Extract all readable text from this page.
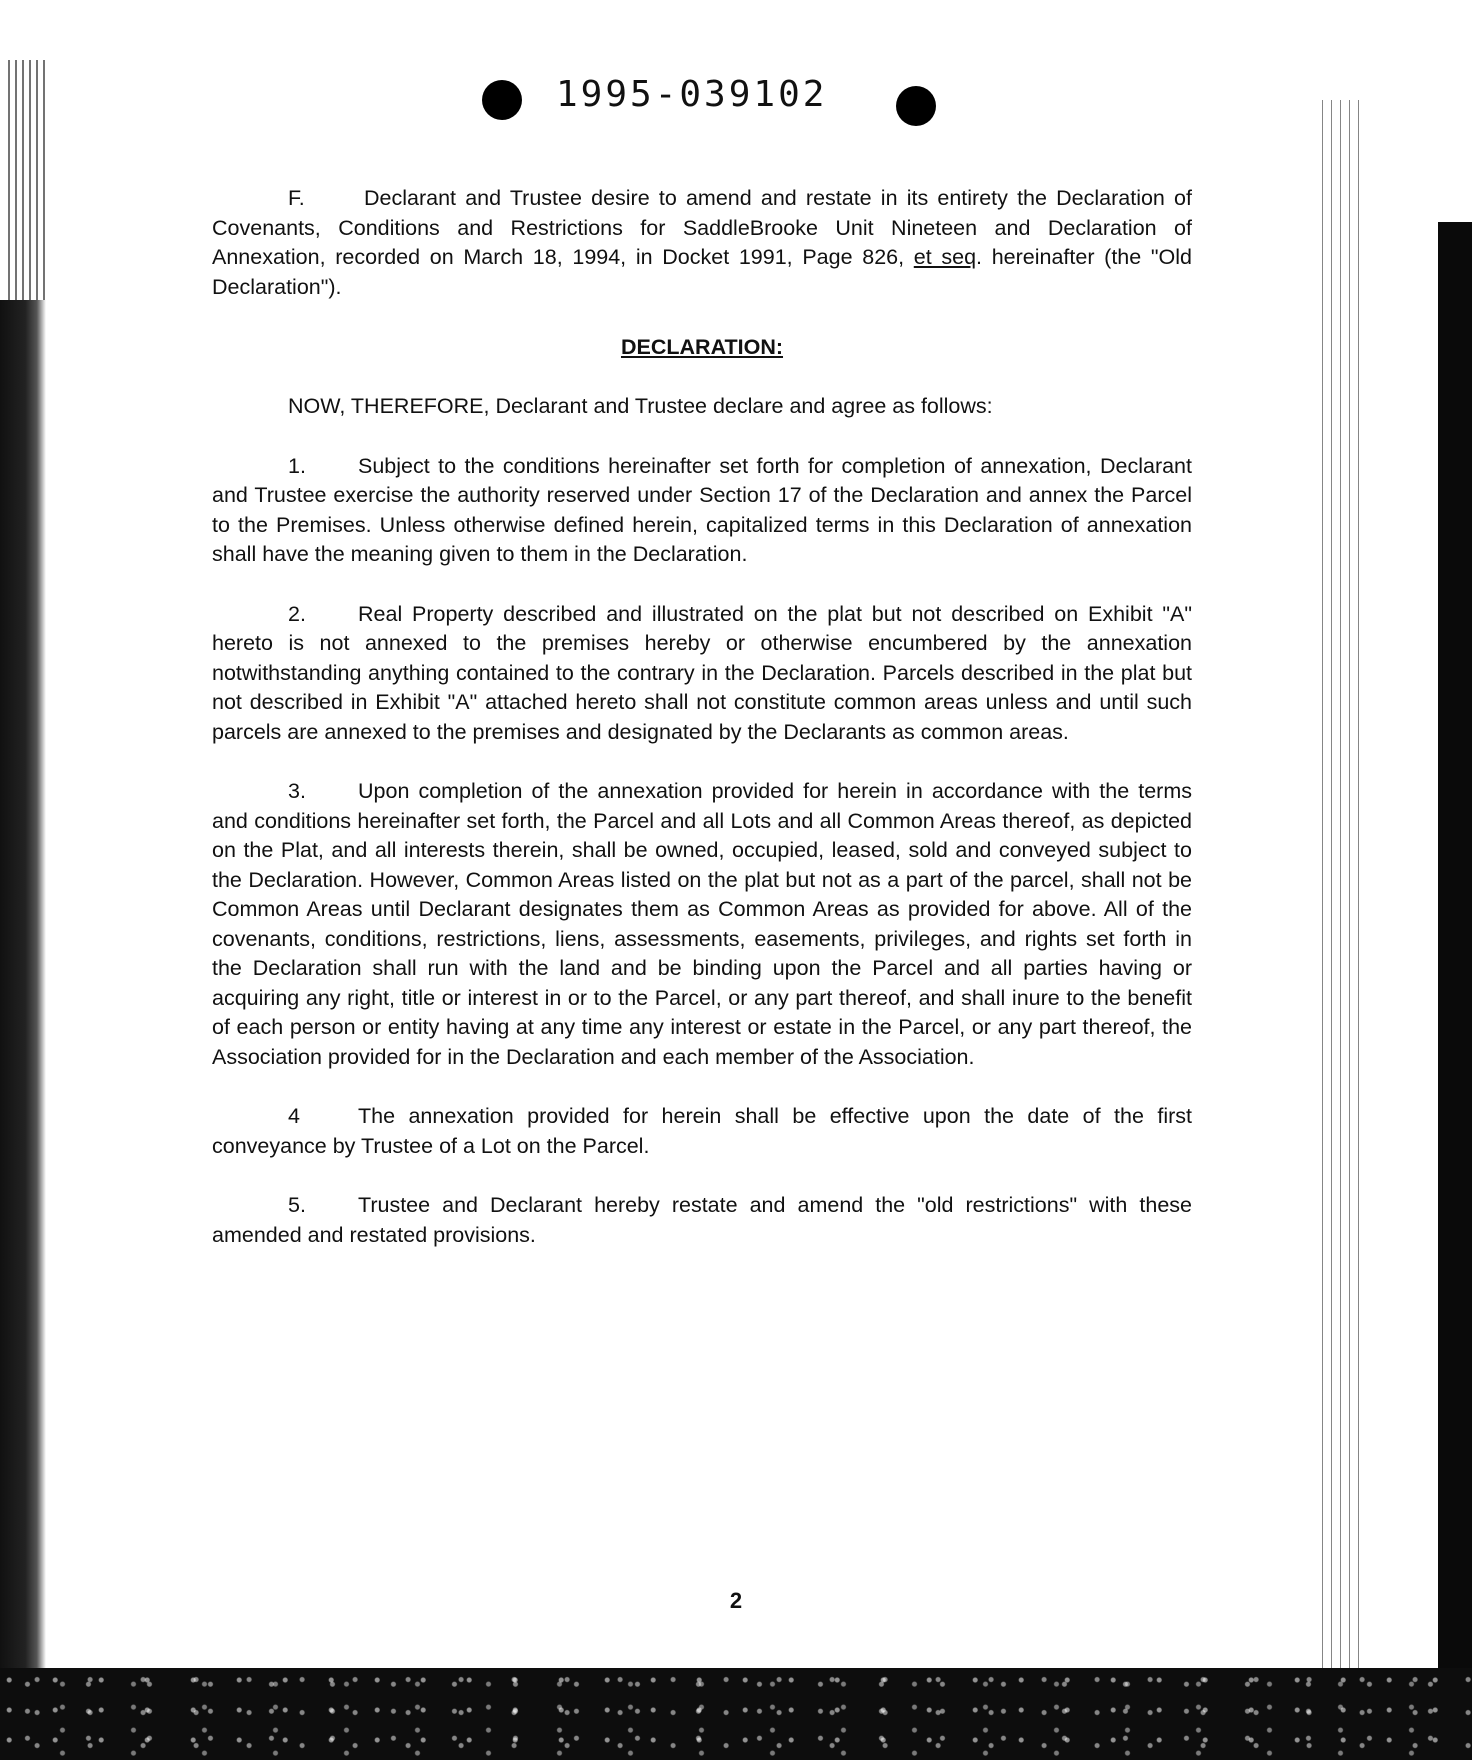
1995-039102

F.	Declarant and Trustee desire to amend and restate in its entirety the Declaration of Covenants, Conditions and Restrictions for SaddleBrooke Unit Nineteen and Declaration of Annexation, recorded on March 18, 1994, in Docket 1991, Page 826, et seq. hereinafter (the "Old Declaration").

DECLARATION:

NOW, THEREFORE, Declarant and Trustee declare and agree as follows:

1. Subject to the conditions hereinafter set forth for completion of annexation, Declarant and Trustee exercise the authority reserved under Section 17 of the Declaration and annex the Parcel to the Premises. Unless otherwise defined herein, capitalized terms in this Declaration of annexation shall have the meaning given to them in the Declaration.

2. Real Property described and illustrated on the plat but not described on Exhibit "A" hereto is not annexed to the premises hereby or otherwise encumbered by the annexation notwithstanding anything contained to the contrary in the Declaration. Parcels described in the plat but not described in Exhibit "A" attached hereto shall not constitute common areas unless and until such parcels are annexed to the premises and designated by the Declarants as common areas.

3. Upon completion of the annexation provided for herein in accordance with the terms and conditions hereinafter set forth, the Parcel and all Lots and all Common Areas thereof, as depicted on the Plat, and all interests therein, shall be owned, occupied, leased, sold and conveyed subject to the Declaration. However, Common Areas listed on the plat but not as a part of the parcel, shall not be Common Areas until Declarant designates them as Common Areas as provided for above. All of the covenants, conditions, restrictions, liens, assessments, easements, privileges, and rights set forth in the Declaration shall run with the land and be binding upon the Parcel and all parties having or acquiring any right, title or interest in or to the Parcel, or any part thereof, and shall inure to the benefit of each person or entity having at any time any interest or estate in the Parcel, or any part thereof, the Association provided for in the Declaration and each member of the Association.

4	The annexation provided for herein shall be effective upon the date of the first conveyance by Trustee of a Lot on the Parcel.

5. Trustee and Declarant hereby restate and amend the "old restrictions" with these amended and restated provisions.

2
